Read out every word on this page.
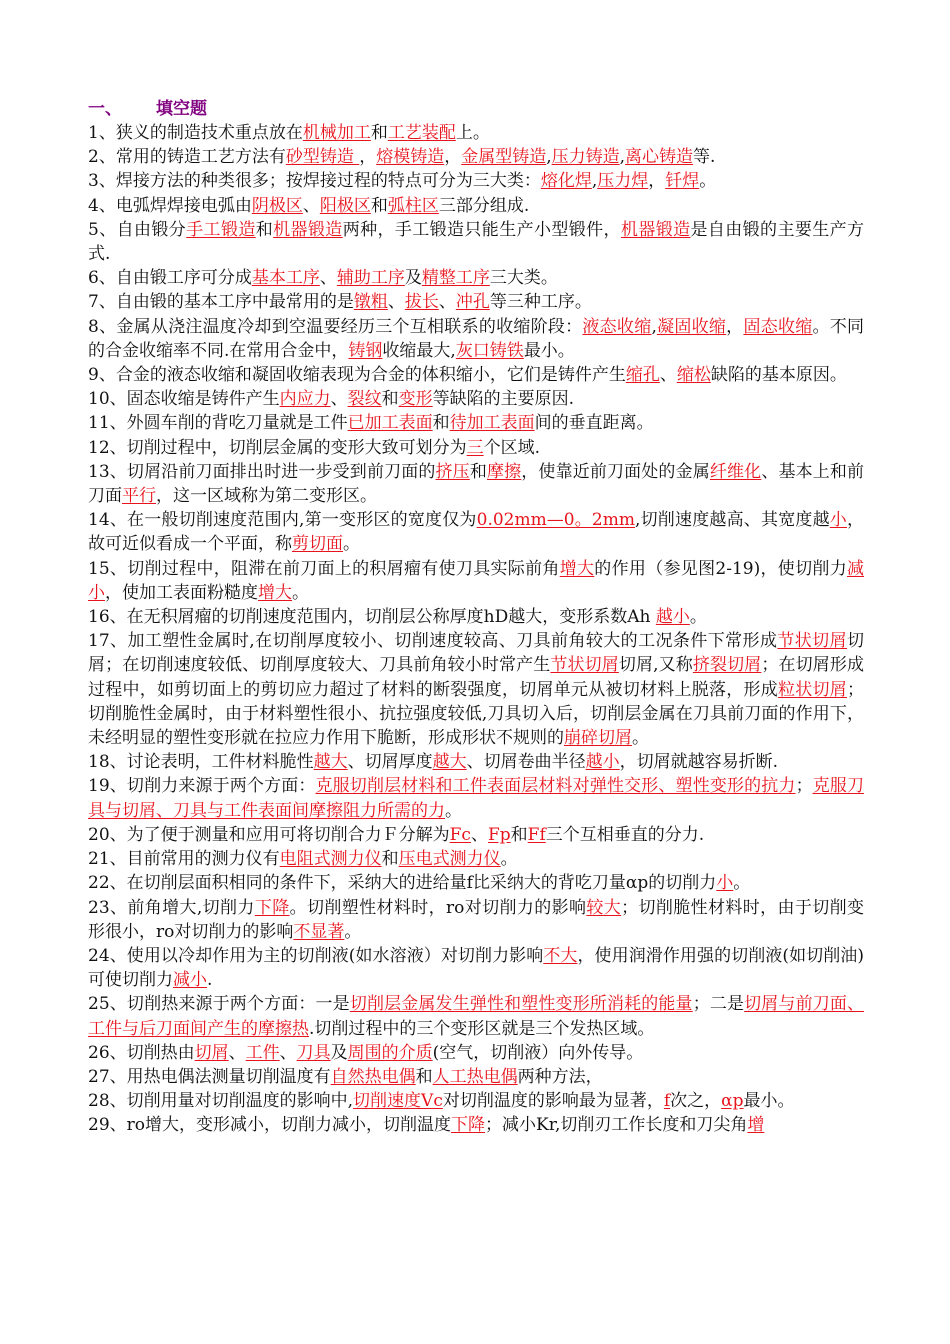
一、 填空题

1、狭义的制造技术重点放在机械加工和工艺装配上。

2、常用的铸造工艺方法有砂型铸造 ，熔模铸造，金属型铸造,压力铸造,离心铸造等.

3、焊接方法的种类很多；按焊接过程的特点可分为三大类：熔化焊,压力焊，钎焊。

4、电弧焊焊接电弧由阴极区、阳极区和弧柱区三部分组成.

5、自由锻分手工锻造和机器锻造两种，手工锻造只能生产小型锻件，机器锻造是自由锻的主要生产方式.

6、自由锻工序可分成基本工序、辅助工序及精整工序三大类。

7、自由锻的基本工序中最常用的是镦粗、拔长、冲孔等三种工序。

8、金属从浇注温度冷却到空温要经历三个互相联系的收缩阶段：液态收缩,凝固收缩，固态收缩。不同的合金收缩率不同.在常用合金中，铸钢收缩最大,灰口铸铁最小。

9、合金的液态收缩和凝固收缩表现为合金的体积缩小，它们是铸件产生缩孔、缩松缺陷的基本原因。

10、固态收缩是铸件产生内应力、裂纹和变形等缺陷的主要原因.

11、外圆车削的背吃刀量就是工件已加工表面和待加工表面间的垂直距离。

12、切削过程中，切削层金属的变形大致可划分为三个区域.

13、切屑沿前刀面排出时进一步受到前刀面的挤压和摩擦，使靠近前刀面处的金属纤维化、基本上和前刀面平行，这一区域称为第二变形区。

14、在一般切削速度范围内,第一变形区的宽度仅为0.02mm—0。2mm,切削速度越高、其宽度越小，故可近似看成一个平面，称剪切面。

15、切削过程中，阻滞在前刀面上的积屑瘤有使刀具实际前角增大的作用（参见图2-19)，使切削力减小，使加工表面粉糙度增大。

16、在无积屑瘤的切削速度范围内，切削层公称厚度hD越大，变形系数Ah 越小。

17、加工塑性金属时,在切削厚度较小、切削速度较高、刀具前角较大的工况条件下常形成节状切屑切屑；在切削速度较低、切削厚度较大、刀具前角较小时常产生节状切屑切屑,又称挤裂切屑；在切屑形成过程中，如剪切面上的剪切应力超过了材料的断裂强度，切屑单元从被切材料上脱落，形成粒状切屑；切削脆性金属时，由于材料塑性很小、抗拉强度较低,刀具切入后，切削层金属在刀具前刀面的作用下，未经明显的塑性变形就在拉应力作用下脆断，形成形状不规则的崩碎切屑。

18、讨论表明，工件材料脆性越大、切屑厚度越大、切屑卷曲半径越小，切屑就越容易折断.

19、切削力来源于两个方面：克服切削层材料和工件表面层材料对弹性交形、塑性变形的抗力；克服刀具与切屑、刀具与工件表面间摩擦阻力所需的力。

20、为了便于测量和应用可将切削合力Ｆ分解为Fc、Fp和Ff三个互相垂直的分力.

21、目前常用的测力仪有电阻式测力仪和压电式测力仪。

22、在切削层面积相同的条件下，采纳大的进给量f比采纳大的背吃刀量αp的切削力小。

23、前角增大,切削力下降。切削塑性材料时，ro对切削力的影响较大；切削脆性材料时，由于切削变形很小，ro对切削力的影响不显著。

24、使用以冷却作用为主的切削液(如水溶液）对切削力影响不大，使用润滑作用强的切削液(如切削油)可使切削力减小.

25、切削热来源于两个方面：一是切削层金属发生弹性和塑性变形所消耗的能量；二是切屑与前刀面、工件与后刀面间产生的摩擦热.切削过程中的三个变形区就是三个发热区域。

26、切削热由切屑、工件、刀具及周围的介质(空气，切削液）向外传导。

27、用热电偶法测量切削温度有自然热电偶和人工热电偶两种方法，

28、切削用量对切削温度的影响中,切削速度Vc对切削温度的影响最为显著，f次之，αp最小。

29、ro增大，变形减小，切削力减小，切削温度下降；减小Kr,切削刃工作长度和刀尖角增
